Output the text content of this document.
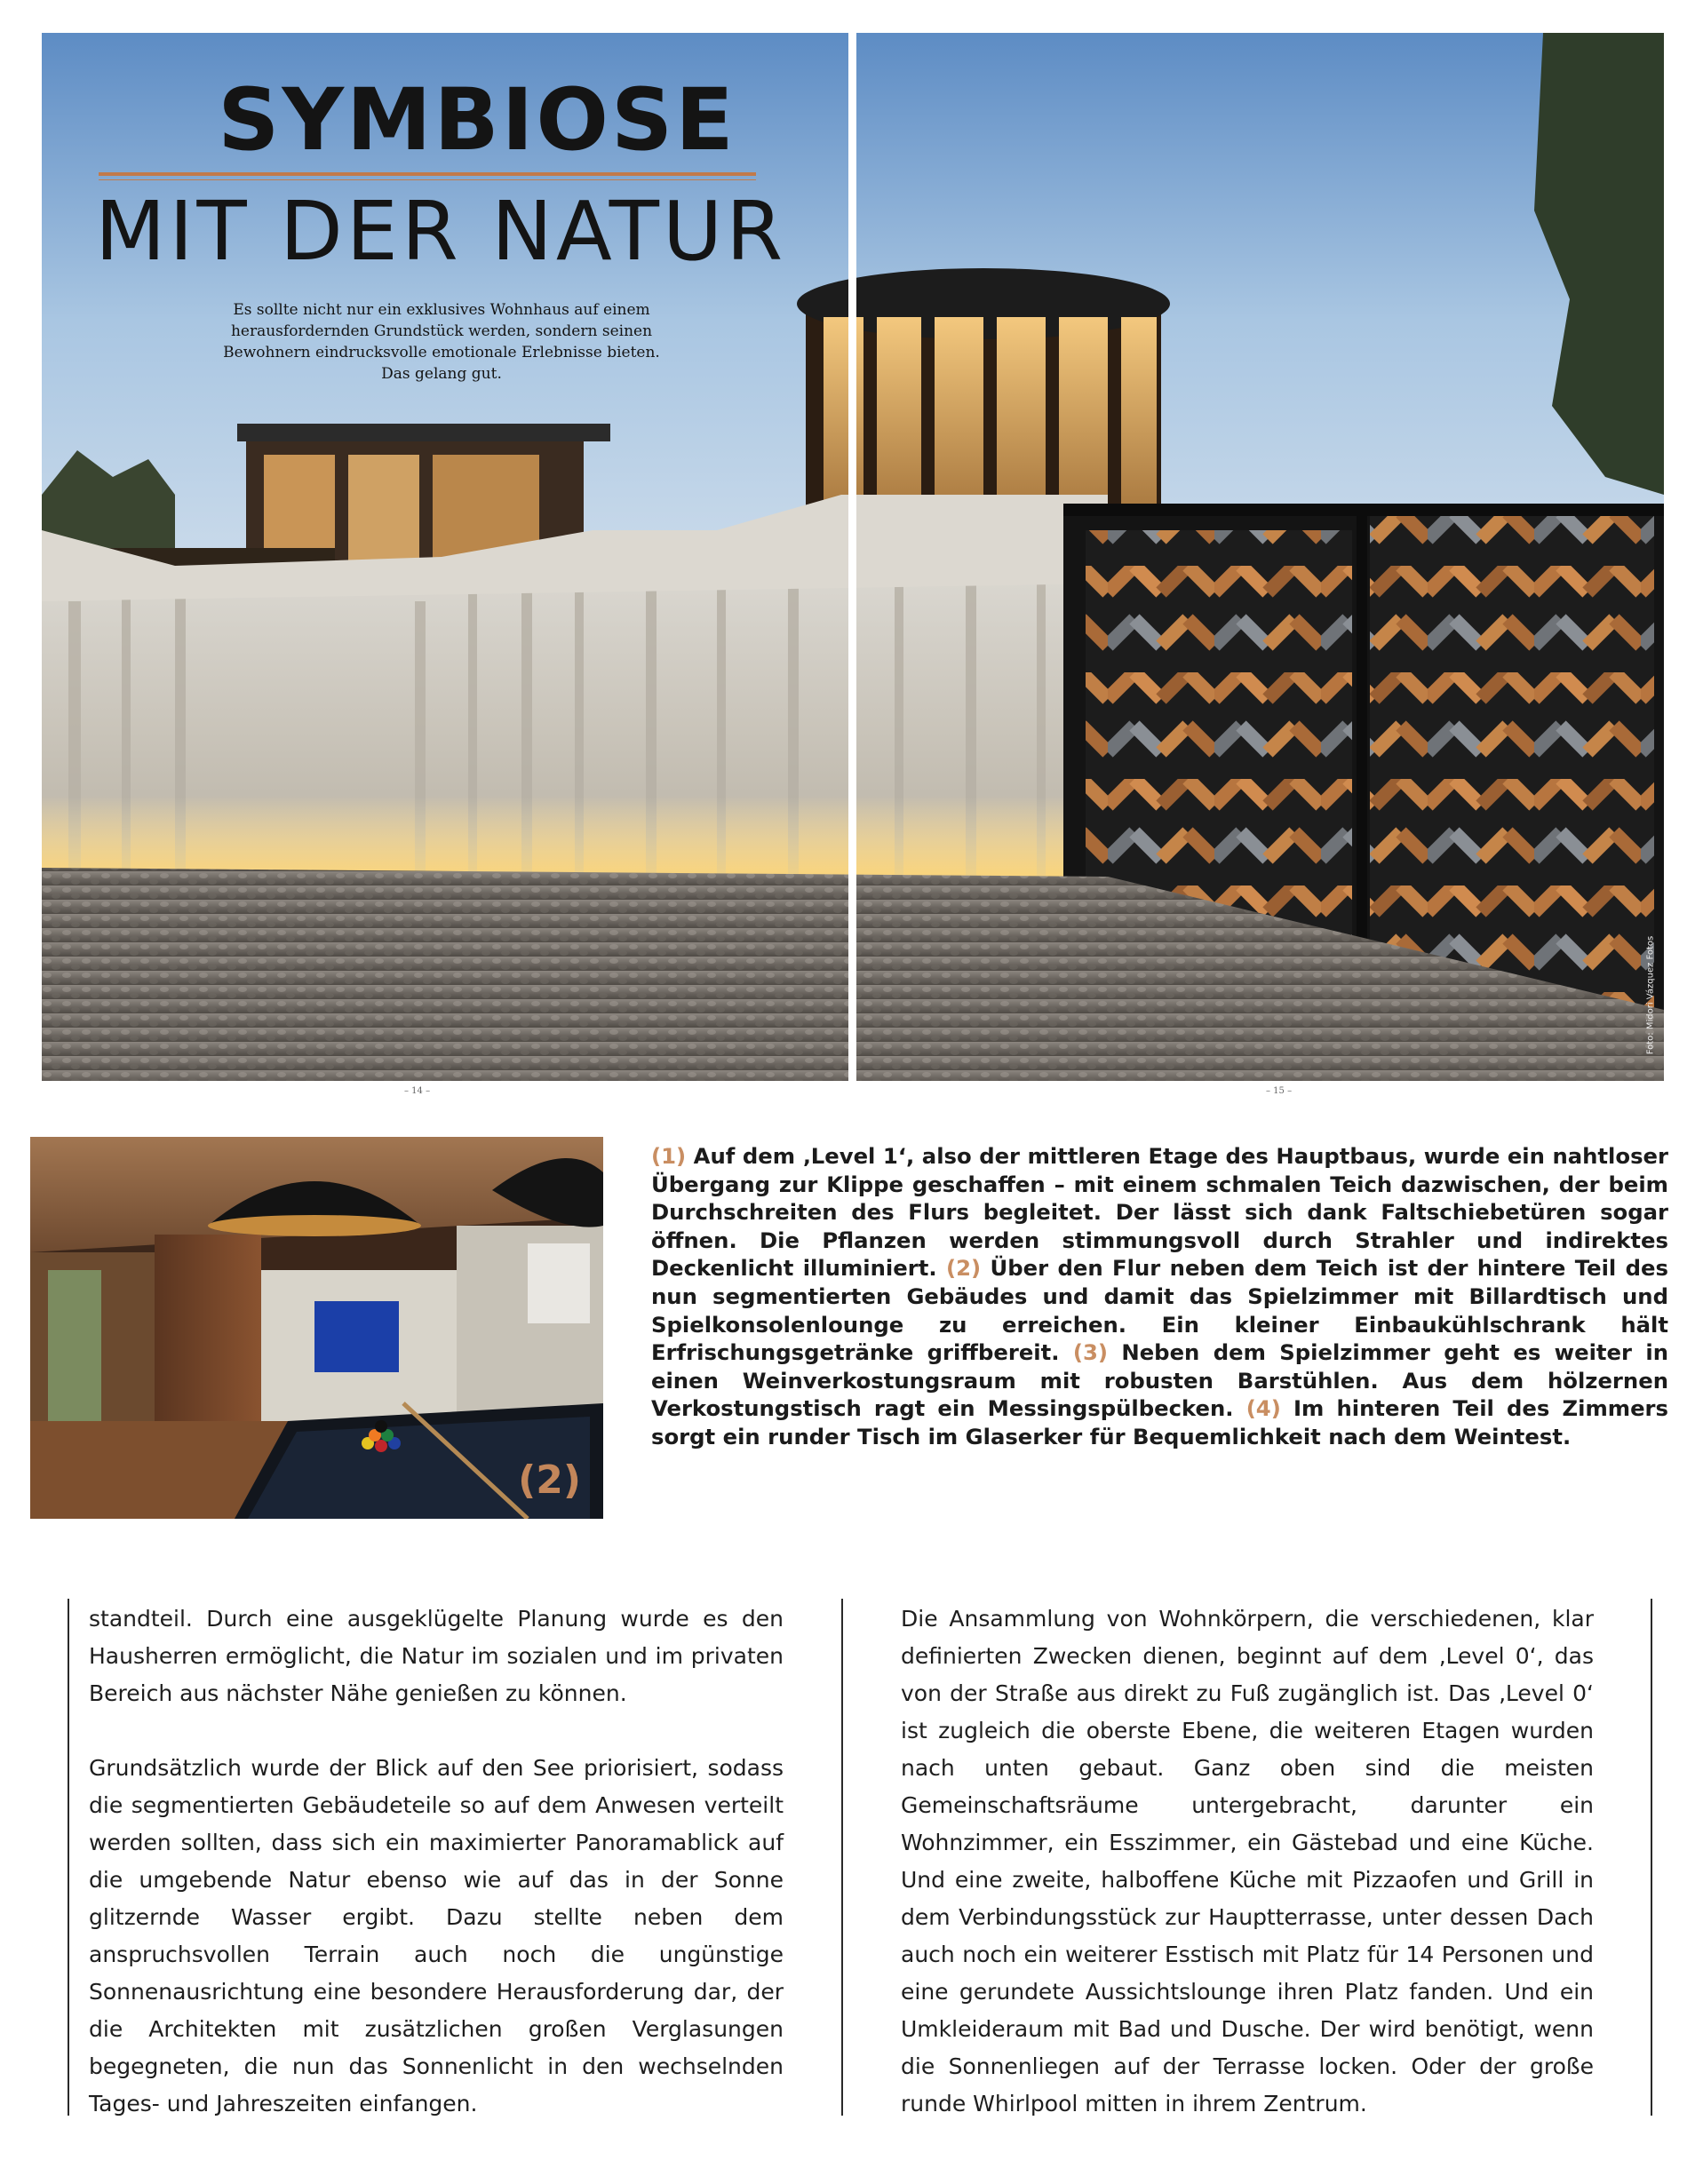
SYMBIOSE
MIT DER NATUR
Es sollte nicht nur ein exklusives Wohnhaus auf einem herausfordernden Grundstück werden, sondern seinen Bewohnern eindrucksvolle emotionale Erlebnisse bieten. Das gelang gut.
Foto: Midori Vázquez Fotos
– 14 –	– 15 –
(2)
(1) Auf dem ‚Level 1‘, also der mittleren Etage des Hauptbaus, wurde ein nahtloser Übergang zur Klippe geschaffen – mit einem schmalen Teich dazwischen, der beim Durchschreiten des Flurs begleitet. Der lässt sich dank Faltschiebetüren sogar öffnen. Die Pflanzen werden stimmungsvoll durch Strahler und indirektes Deckenlicht illuminiert. (2) Über den Flur neben dem Teich ist der hintere Teil des nun segmentierten Gebäudes und damit das Spielzimmer mit Billardtisch und Spielkonsolenlounge zu erreichen. Ein kleiner Einbaukühlschrank hält Erfrischungsgetränke griffbereit. (3) Neben dem Spielzimmer geht es weiter in einen Weinverkostungsraum mit robusten Barstühlen. Aus dem hölzernen Verkostungstisch ragt ein Messingspülbecken. (4) Im hinteren Teil des Zimmers sorgt ein runder Tisch im Glaserker für Bequemlichkeit nach dem Weintest.

standteil. Durch eine ausgeklügelte Planung wurde es den Hausherren ermöglicht, die Natur im sozialen und im privaten Bereich aus nächster Nähe genießen zu können.

Grundsätzlich wurde der Blick auf den See priorisiert, sodass die segmentierten Gebäudeteile so auf dem Anwesen verteilt werden sollten, dass sich ein maximierter Panoramablick auf die umgebende Natur ebenso wie auf das in der Sonne glitzernde Wasser ergibt. Dazu stellte neben dem anspruchsvollen Terrain auch noch die ungünstige Sonnenausrichtung eine besondere Herausforderung dar, der die Architekten mit zusätzlichen großen Verglasungen begegneten, die nun das Sonnenlicht in den wechselnden Tages- und Jahreszeiten einfangen.

Die Ansammlung von Wohnkörpern, die verschiedenen, klar definierten Zwecken dienen, beginnt auf dem ‚Level 0‘, das von der Straße aus direkt zu Fuß zugänglich ist. Das ‚Level 0‘ ist zugleich die oberste Ebene, die weiteren Etagen wurden nach unten gebaut. Ganz oben sind die meisten Gemeinschaftsräume untergebracht, darunter ein Wohnzimmer, ein Esszimmer, ein Gästebad und eine Küche. Und eine zweite, halboffene Küche mit Pizzaofen und Grill in dem Verbindungsstück zur Hauptterrasse, unter dessen Dach auch noch ein weiterer Esstisch mit Platz für 14 Personen und eine gerundete Aussichtslounge ihren Platz fanden. Und ein Umkleideraum mit Bad und Dusche. Der wird benötigt, wenn die Sonnenliegen auf der Terrasse locken. Oder der große runde Whirlpool mitten in ihrem Zentrum.
